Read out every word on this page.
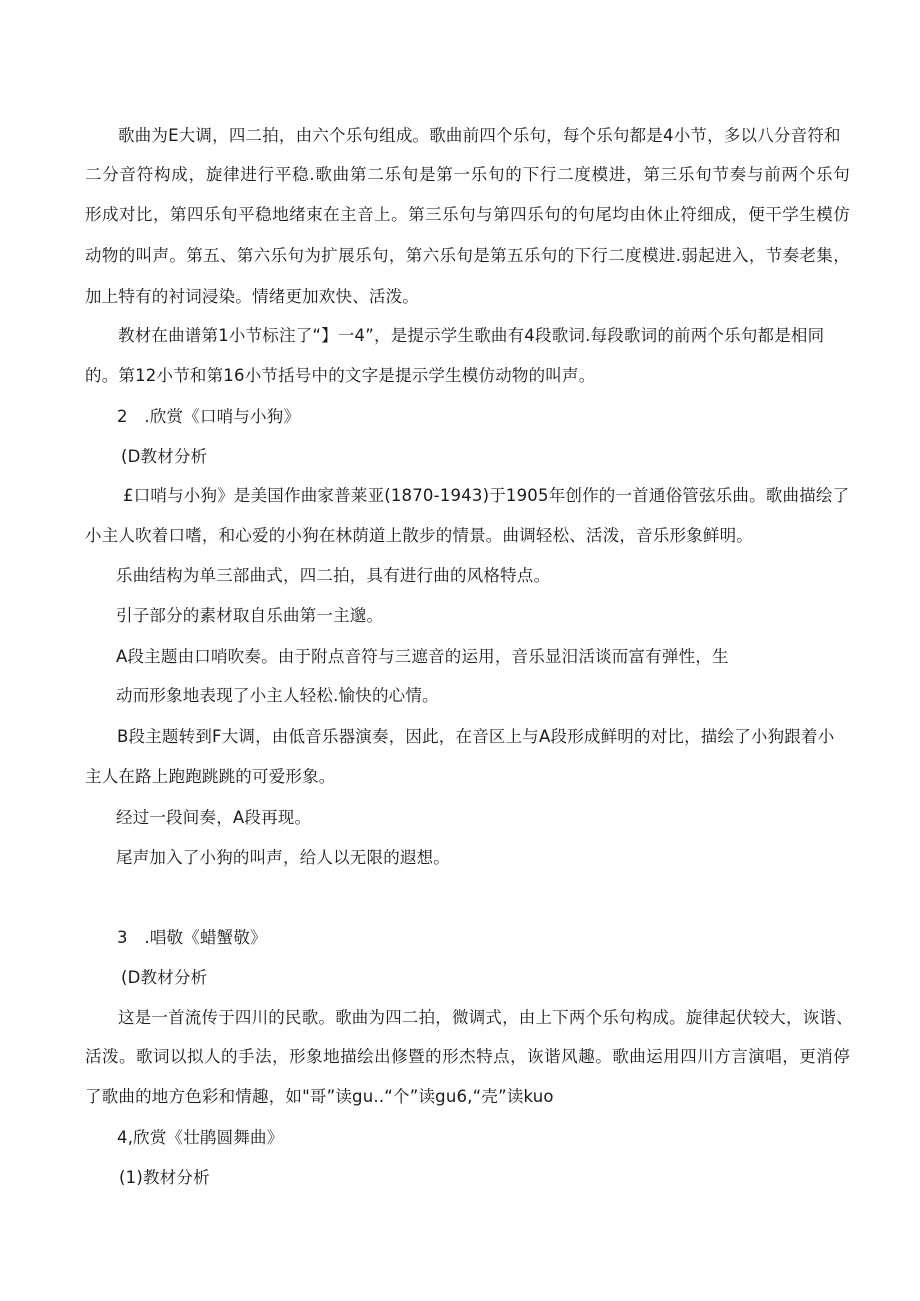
歌曲为E大调，四二拍，由六个乐句组成。歌曲前四个乐句，每个乐句都是4小节，多以八分音符和
二分音符构成，旋律进行平稳.歌曲第二乐旬是第一乐旬的下行二度模进，第三乐旬节奏与前两个乐句
形成对比，第四乐旬平稳地绪束在主音上。第三乐句与第四乐句的句尾均由休止符细成，便干学生模仿
动物的叫声。第五、第六乐句为扩展乐句，第六乐旬是第五乐句的下行二度模进.弱起进入，节奏老集，
加上特有的衬词浸染。情绪更加欢快、活泼。
教材在曲谱第1小节标注了“】一4”，是提示学生歌曲有4段歌词.每段歌词的前两个乐句都是相同
的。第12小节和第16小节括号中的文字是提示学生模仿动物的叫声。
2　.欣赏《口哨与小狗》
(D教材分析
£口哨与小狗》是美国作曲家普莱亚(1870-1943)于1905年创作的一首通俗管弦乐曲。歌曲描绘了
小主人吹着口嗜，和心爱的小狗在林荫道上散步的情景。曲调轻松、活泼，音乐形象鲜明。
乐曲结构为单三部曲式，四二拍，具有进行曲的风格特点。
引子部分的素材取自乐曲第一主邈。
A段主题由口哨吹奏。由于附点音符与三遮音的运用，音乐显汨活谈而富有弹性，生
动而形象地表现了小主人轻松.愉快的心情。
B段主题转到F大调，由低音乐器演奏，因此，在音区上与A段形成鲜明的对比，描绘了小狗跟着小
主人在路上跑跑跳跳的可爱形象。
经过一段间奏，A段再现。
尾声加入了小狗的叫声，给人以无限的遐想。
3　.唱敬《蜡蟹敬》
(D教材分析
这是一首流传于四川的民歌。歌曲为四二拍，微调式，由上下两个乐句构成。旋律起伏较大，诙谐、
活泼。歌词以拟人的手法，形象地描绘出修暨的形杰特点，诙谐风趣。歌曲运用四川方言演唱，更消停
了歌曲的地方色彩和情趣，如"哥”读gu..“个”读gu6,“壳”读kuo
4,欣赏《壮鹃圆舞曲》
(1)教材分析
